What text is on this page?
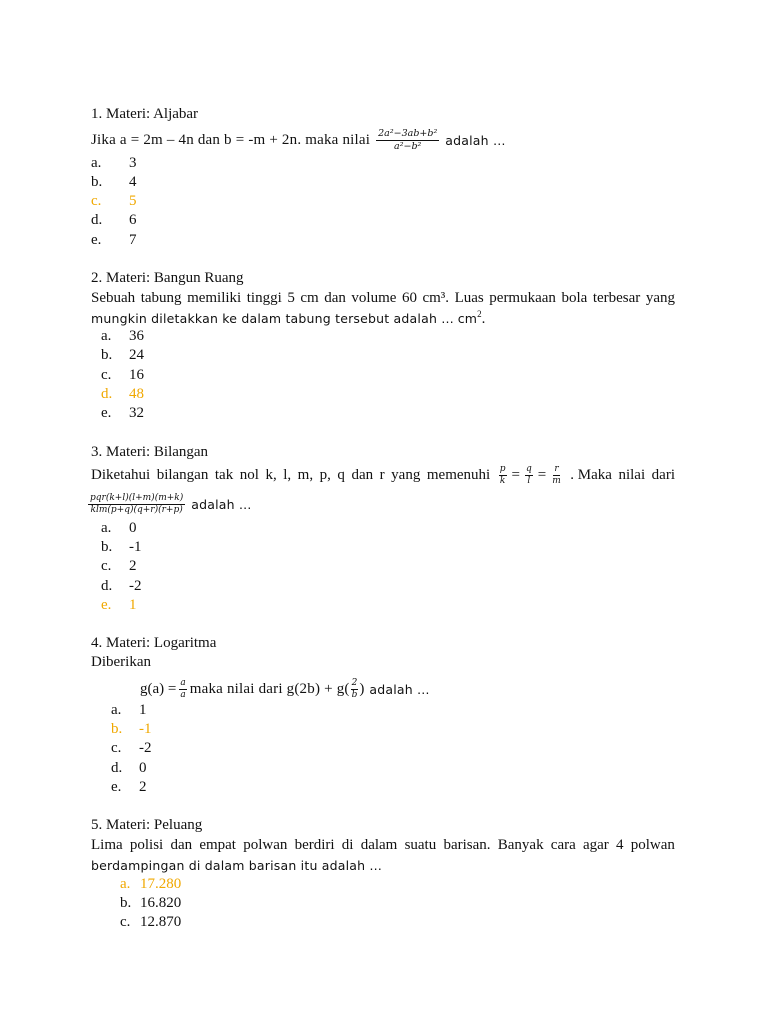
1. Materi: Aljabar
Jika a = 2m – 4n dan b = -m + 2n. maka nilai $\frac{\text{2a²−3ab+b²}}{\text{a²−b²}}$ adalah …
a. 3
b. 4
c. 5
d. 6
e. 7
2. Materi: Bangun Ruang
Sebuah tabung memiliki tinggi 5 cm dan volume 60 cm³. Luas permukaan bola terbesar yang
mungkin diletakkan ke dalam tabung tersebut adalah … $cm^2$.
a. 36
b. 24
c. 16
d. 48
e. 32
3. Materi: Bilangan
Diketahui bilangan tak nol k, l, m, p, q dan r yang memenuhi $\frac{p}{k} = \frac{q}{l} = \frac{r}{m}$ . Maka nilai dari
$\frac{\text{pqr(k+l)(l+m)(m+k)}}{\text{klm(p+q)(q+r)(r+p)}}$ adalah …
a. 0
b. -1
c. 2
d. -2
e. 1
4. Materi: Logaritma
Diberikan
$g(a) = \frac{a}{a}$ maka nilai dari $g(2b) + g( \frac{2}{b}$ ) adalah …
a. 1
b. -1
c. -2
d. 0
e. 2
5. Materi: Peluang
Lima polisi dan empat polwan berdiri di dalam suatu barisan. Banyak cara agar 4 polwan
berdampingan di dalam barisan itu adalah …
a. 17.280
b. 16.820
c. 12.870
